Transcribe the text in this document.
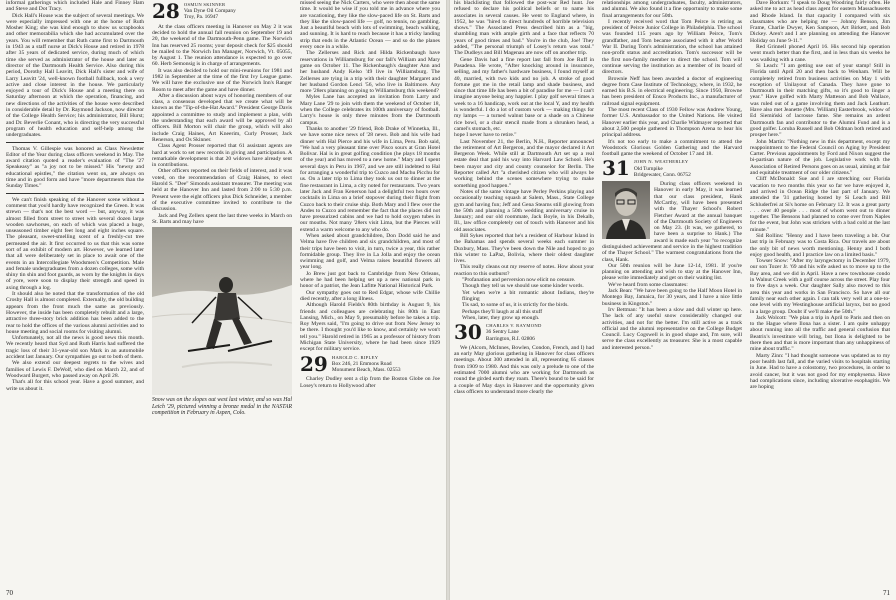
informal gatherings which included Hale and Finney Ham and Steve and Dot Tracy.

Dick Hall's House was the subject of several meetings. We were especially impressed with one at the home of Ruth Mosher King; she was kind enough to show us scrapbooks and other memorabilia which she had accumulated over the years. You will remember that Ruth came first to Dartmouth in 1943 as a staff nurse at Dick's House and retired in 1978 after 35 years of dedicated service, during much of which time she served as administrator of the house and later as director of the Dartmouth Health Service. Also during this period, Dorothy Hall Leavitt, Dick Hall's sister and wife of Larry Leavitt '24, well-known football fullback, took a very active and close interest in the house. We particularly enjoyed a tour of Dick's House and a meeting there on Saturday afternoon at which the operation, financing, and new directions of the activities of the house were described in considerable detail by Dr. Raymond Jackson, now director of the College Health Service; his administrator, Bill Hurst; and Dr. Beverlie Conant, who is directing the very successful program of health education and self-help among the undergraduates.

Thomas V. Gillespie was honored as Class Newsletter Editor of the Year during class officers weekend in May. The award citation quoted a reader's evaluation of "The '27 Speakeasy" as "a joy not to be missed." His "newsy and educational epistles," the citation went on, are always on time and in good form and have "more departments than the Sunday Times."

We can't finish speaking of the Hanover scene without a comment that you'd hardly have recognized the Green. It was strewn — that's not the best word — but, anyway, it was almost filled from street to street with several dozen large wooden sawhorses, on each of which was placed a huge, unseasoned timber eight feet long and eight inches square. The pleasant, sweet-smelling scent of a freshly-cut tree permeated the air. It first occurred to us that this was some sort of an exhibit of modern art. However, we learned later that all were deliberately set in place to await one of the events in an Intercollegiate Woodsmen's Competition. Male and female undergraduates from a dozen colleges, some with shiny tin shin and foot guards, as worn by the knights in days of yore, were soon to display their strength and speed in axing through a log.

It should also be noted that the transformation of the old Crosby Hall is almost completed. Externally, the old building appears from the front much the same as previously. However, the inside has been completely rebuilt and a large, attractive three-story brick addition has been added to the rear to hold the offices of the various alumni activities and to house meeting and social rooms for visiting alumni.

Unfortunately, not all the news is good news this month. We recently heard that Syd and Ruth Harris had suffered the tragic loss of their 31-year-old son Mark in an automobile accident last January. Our sympathies go out to both of them.

We also extend our deepest regrets to the wives and families of Lewis F. DeWolf, who died on March 22, and of Woodward Burgert, who passed away on April 28.

That's all for this school year. Have a good summer, and write us about it.

28 OSMUN SKINNER
Van Dyne Oil Company
Troy, Pa. 16947

At the class officers meeting in Hanover on May 2 it was decided to hold the annual fall reunion on September 19 and 20, the weekend of the Dartmouth-Penn game. The Norwich Inn has reserved 25 rooms; your deposit check for $25 should be mailed to the Norwich Inn Manager, Norwich, Vt. 05055, by August 1. The reunion attendance is expected to go over 60. Herb Semonsig is in charge of arrangements.

It was also decided to hold our mini-reunions for 1981 and 1982 in September at the time of the first Ivy League game. We will have the exclusive use of the Norwich Inn's Ranger Room to meet after the game and have dinner.

After a discussion about ways of honoring members of our class, a consensus developed that we create what will be known as the "Tip-of-the-Hat Award." President George Davis appointed a committee to study and implement a plan, with the understanding that each award will be approved by all officers. Bill Morton will chair the group, which will also include Craig Haines, Art Kneerim, Curly Prosser, Jack Renerson, and Os Skinner.

Class Agent Prosser reported that 61 assistant agents are hard at work to set new records in giving and participation. A remarkable development is that 20 widows have already sent in contributions.

Other officers reported on their fields of interest, and it was voted, on the recommendation of Craig Haines, to elect Harold S. "Dee" Simonds assistant treasurer. The meeting was held at the Hanover Inn and lasted from 2:00 to 5:30 p.m. Present were the eight officers plus Dick Schneider, a member of the executive committee invited to contribute to the discussion.

Jack and Peg Zellers spent the last three weeks in March on St. Barts and may have

Snow was on the slopes out west last winter, and so was Hal Leich '29, pictured winning a bronze medal in the NASTAR competition in February in Aspen, Colo.

missed seeing the Nick Carters, who were then about the same time. It would be wise if you told me in advance where you are vacationing, they like the slow-paced life on St. Barts and they like the slow-paced life — golf, no tennis, no gambling. Just a beautiful beach with lots of swimming, beach walking, and sunning. It is hard to reach because it has a tricky landing strip that ends in the Atlantic Ocean — and so do the planes every once in a while.

The Zellerses and Rick and Hilda Rickenbaugh have reservations in Williamsburg for our fall's William and Mary game on October 11. The Rickenbaugh's daughter Ann and her husband Andy Kelso '49 live in Williamsburg. The Zellerses are tying in a trip with their daughter Margaret and her husband Gordon Lenci '56, who live in Baltimore. Any more '28ers planning on going to Williamsburg this weekend?

Myles Lane has accepted an invitation from Larry and Mary Lane '29 to join with them the weekend of October 18, when the College celebrates its 100th anniversary of football. Larry's house is only three minutes from the Dartmouth campus.

Thanks to another '29 friend, Bob Drake of Winnetka, Ill., we have some nice news of '28 news. Bob and his wife had dinner with Hal Pierce and his wife in Lima, Peru. Bob said, "We had a very pleasant time over Pisco sours at Gran Hotel Bolivar. Hal is in great golfing condition (he plays 18 months of the year) and has moved to a new home." Mary and I spent several days in Peru in 1967, and we are still indebted to Hal for arranging a wonderful trip to Cuzco and Machu Picchu for us. On a later trip to Lima they took us out to dinner at the fine restaurant in Lima, a city noted for restaurants. Two years later Jack and Fran Kenerson had a delightful two hours over cocktails in Lima on a brief stopover during their flight from Cuzco back to their cruise ship. Both Mary and I flew over the Andes to Cuzco and remember the fact that the places did not have pressurized cabins and we had to hold oxygen tubes in our mouths. Not many '28ers visit Lima, but the Pierces will extend a warm welcome to any who do.

When asked about grandchildren, Don Dodd said he and Velma have five children and six grandchildren, and most of their trips have been to visit, in turn, twice a year, this rather formidable group. They live in La Jolla and enjoy the ocean swimming and golf, and Velma raises beautiful flowers all year long.

Jo Brew just got back to Cambridge from New Orleans, where he had been helping set up a new national park in honor of a patriot, the Jean Lafitte National Historical Park.

Our sympathy goes out to Red Edgar, whose wife Chillie died recently, after a long illness.

Although Harold Fields's 80th birthday is August 9, his friends and colleagues are celebrating his 80th in East Lansing, Mich., on May 9, presumably before he takes a trip. Roy Myers said, "I'm going to drive out from New Jersey to be there. I thought you'd like to know, and certainly we won't tell you." Harold retired in 1965 as a professor of history from Michigan State University, where he had been since 1929 except for military service.

29 HAROLD C. RIPLEY
Box 246, 21 Emmons Road
Monument Beach, Mass. 02553

Charley Dudley sent a clip from the Boston Globe on Joe Losey's return to Hollywood after

70

his blacklisting that followed the post-war Red hunt. Joe refused to declare his political beliefs or to name his associates in several causes. He went to England where, in 1952, he was "hired to direct hundreds of horrible television shows." The Associated Press described him as a "big, shambling man with ample girth and a face that reflects 70 years of good times and bad." You're in the club, Joe! They added, "The personal triumph of Losey's return was total." The Dudleys and Bill Magenau are now off on another trip.

Gene Davis had a fine report last fall from Joe Ruff in Pasadena. He wrote, "After knocking around in insurance, selling, and my father's hardware business, I found myself at 40, married, with two kids and no job. A stroke of good fortune got me in the retail lamp and shade business, and since that time life has been a bit of paradise for me — I can't imagine anyone being any happier. I play golf several times a week to a 16 handicap, work out at the local Y, and my health is wonderful. I do a lot of custom work — making things for my lamps — a turned walnut base or a shade on a Chinese rice bowl, or a chair stencil made from a shrunken head, a camel's stomach, etc.

hope I never have to retire."

Last November 21, the Berlin, N.H., Reporter announced the retirement of Art Bergeron, and the mayor declared it Art Bergeron Week. While still at Dartmouth Art set up a real estate deal that paid his way into Harvard Law School. He's been mayor and city and county counselor for Berlin. The Reporter called Art "a cherished citizen who will always be working behind the scenes somewhere trying to make something good happen."

Notes of the same vintage have Perley Perkins playing and occasionally teaching squash at Salem, Mass., State College gym and having fun; Jeff and Gena Stearns still glowing from the 50th and planning a 50th wedding anniversary cruise in January; and our old roommate, Jack Boyle, in his Dekalb, Ill., law office completely out of touch with Hanover and his old associates.

Bill Sykes reported that he's a resident of Harbour Island in the Bahamas and spends several weeks each summer in Duxbury, Mass. They've been down the Nile and hoped to go this winter to LaPaz, Bolivia, where their oldest daughter lives.

This really cleans out my reserve of notes. How about your reaction to this outburst?

"Profanation and perversion now elicit no censure.

Though they tell us we should use some kinder words.

Yet when we're a bit romantic about Indians, they're flinging

Tis sad, to some of us, it is strictly for the birds.

Perhaps they'll laugh at all this stuff

When, later, they grow up enough.

30 CHARLES V. RAYMOND
36 Sentry Lane
Barrington, R.I. 02806

We (Alcorn, McInnes, Bowlen, Condon, French, and I) had an early May glorious gathering in Hanover for class officers meetings. About 300 attended in all, representing 65 classes from 1909 to 1980. And this was only a prelude to one of the estimated 7000 alumni who are working for Dartmouth as round the girded earth they roam. There's bound to be said for a couple of May days in Hanover and the opportunity given class officers to understand more clearly the

relationships among undergraduates, faculty, administrators, and alumni. We also found it a fine opportunity to make some final arrangements for our 50th.

I recently received word that Tom Peirce is retiring as president of Peirce Junior College in Philadelphia. The school was founded 115 years ago by William Peirce, Tom's grandfather, and Tom became associated with it after World War II. During Tom's administration, the school has attained non-profit status and accreditation. Tom's successor will be the first non-family member to direct the school. Tom will continue serving the institution as a member of its board of directors.

Brownie Neff has been awarded a doctor of engineering degree from Case Institute of Technology, where, in 1932, he earned his B.S. in electrical engineering. Since 1950, Browne has been president of Ensco Products Inc., a manufacturer of railroad signal equipment.

The most recent Class of 1930 Fellow was Andrew Young, former U.S. Ambassador to the United Nations. He visited Hanover earlier this year, and Charlie Widmayer reported that about 2,500 people gathered in Thompson Arena to hear his principal address.

It's not too early to make a commitment to attend the Woodstock Glorious Golden Gathering and the Harvard football game the weekend of October 17 and 18.

31 JOHN N. WEATHERLEY
Old Turnpike
Bridgewater, Conn. 06752

During class officers weekend in Hanover in early May, it was learned that our class president, Hank McCarthy, will have been presented with the Thayer School's Robert Fletcher Award at the annual banquet of the Dartmouth Society of Engineers on May 23. (It was, we gathered, to have been a surprise to Hank.) The award is made each year "to recognize distinguished achievement and service in the highest tradition of the Thayer School." The warmest congratulations from the class, Hank.

Our 50th reunion will be June 12-14, 1981. If you're planning on attending and wish to stay at the Hanover Inn, please write immediately and get on their waiting list.

We've heard from some classmates:

Jack Bean: "We have been going to the Half Moon Hotel in Montego Bay, Jamaica, for 30 years, and I have a nice little business in Kingston."

Irv Bettman: "It has been a slow and dull winter up here. The lack of any useful snow considerably changed our activities, and not for the better. I'm still active as a track official and the alumni representative on the College Budget Council. Lucy Cogswell is in good shape and, I'm sure, will serve the class excellently as treasurer. She is a most capable and interested person."

Dave Borkum: "I speak to Doug Woodring fairly often. He asked me to act as head class agent for eastern Massachusetts and Rhode Island. In that capacity I compared with six classmates who are helping me — Johnny Benson, Jim Frame, Charlie Dwyer, Ken Sampson, Art Birkett, and Bob Dickey. Aren't and I are planning on attending the Hanover Holiday on June 9-11."

Red Grinnell phoned April 16. His second hip operation went much better than the first, and in less than six weeks he was walking with a cane.

Si Leach: "I am getting use out of your stamp! Still in Florida until April 20 and then back to Wenham. Will be completely retired from business activities on May 1 with exception of Unilayout of Canada. They have gone to Dartmouth in their matching gifts, so it's good to linger a year." Have golfed with Marty Matteson and Bob Wallace, was ruled out of a game involving them and Jack Leathurt. Have also met Jeanette (Mrs. William) Easterbrook, widow of Ed Siemiński of lacrosse fame. She remains an ardent Dartmouth fan and contributor to the Alumni Fund and is a good golfer. Loruba Russell and Bob Oldman both retired and prosper here."

John Martin: "Nothing new in this department, except my reappointment to the Federal Council on Aging by President Carter. Previous appointments by Ford and Nixon suggest the bi-partisan nature of the job. Legislative work with the Association of Retired Persons goes on as usual, aiming at fair and equitable treatment of our older citizens."

Cliff McDonald: Sue and I are stretching our Florida vacation to two months this year so far we have enjoyed it, and arrived in Ocean Ridge the last part of January. We attended the '31 gathering hosted by Si Leach and Bill Schluderfrei at Si's home on February 12. It was a great party . . . over 40 people . . . most of whom went out to dinner together. The Bensons had planned to come over from Naples for the event, but John was stricken with a bad cold at the last minute."

Sid Rollins: "Henny and I have been traveling a bit. Our last trip in February was to Costa Rica. Our travels are about the only bit of news worth mentioning. Henny and I both enjoy good health, and I practice law on a limited basis."

Towser Snow: "After my laryngectomy in December 1979, our son Tozer Jr. '69 and his wife asked us to move up to the Bay area, and we did in April. Have a new townhouse condo in Walnut Creek with a golf course across the street. Play four to five days a week. Our daughter Sally also moved to this area this year and works in San Francisco. So have all our family near each other again. I can talk very well at a one-to-one level with my Westinghouse artificial larynx, but no good in a large group. Doubt if we'll make the 50th."

Jack Wolcott: "We plan a trip in April to Paris and then on to the Hague where Ilona has a sister. I am quite unhappy about running into all the traffic and general confusion that Beatrix's investiture will bring, but Ilona is delighted to be there then and that is more important than any unhappiness of mine about traffic."

Marty Zinn: "I had thought someone was updated as to my poor health last fall, and the varied visits to hospitals starting in June. Had to have a colostomy, two procedures, in order to avoid cancer, but it was not good for my emphysema. Have had complications since, including ulcerative esophagitis. We are hoping

71
